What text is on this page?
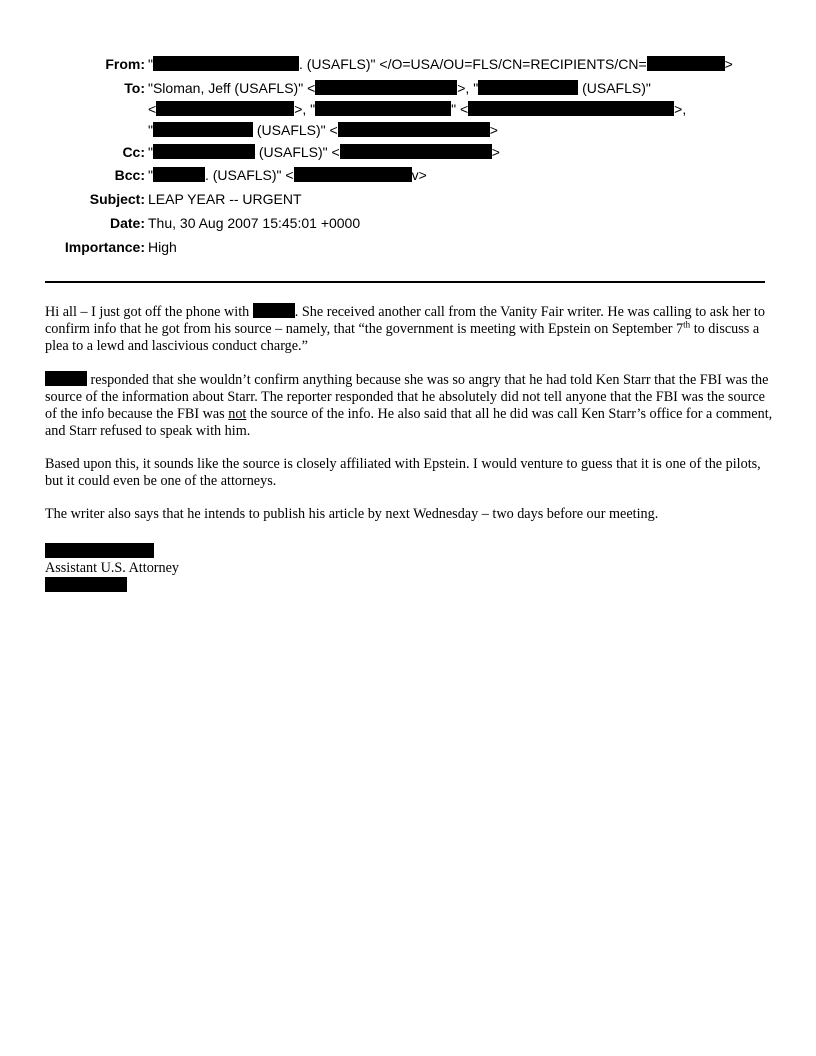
From: "	. (USAFLS)" </O=USA/OU=FLS/CN=RECIPIENTS/CN=	>
To: "Sloman, Jeff (USAFLS)" <	>, "	(USAFLS)"
<	>, "	" <	>,
"	(USAFLS)" <	>
Cc: "	(USAFLS)" <	>
Bcc: "	. (USAFLS)" <	v>
Subject: LEAP YEAR -- URGENT
Date: Thu, 30 Aug 2007 15:45:01 +0000
Importance: High

Hi all – I just got off the phone with	. She received another call from the Vanity Fair writer. He was calling to ask her to confirm info that he got from his source – namely, that “the government is meeting with Epstein on September 7th to discuss a plea to a lewd and lascivious conduct charge.”

responded that she wouldn’t confirm anything because she was so angry that he had told Ken Starr that the FBI was the source of the information about Starr. The reporter responded that he absolutely did not tell anyone that the FBI was the source of the info because the FBI was not the source of the info. He also said that all he did was call Ken Starr’s office for a comment, and Starr refused to speak with him.

Based upon this, it sounds like the source is closely affiliated with Epstein. I would venture to guess that it is one of the pilots, but it could even be one of the attorneys.

The writer also says that he intends to publish his article by next Wednesday – two days before our meeting.

Assistant U.S. Attorney
